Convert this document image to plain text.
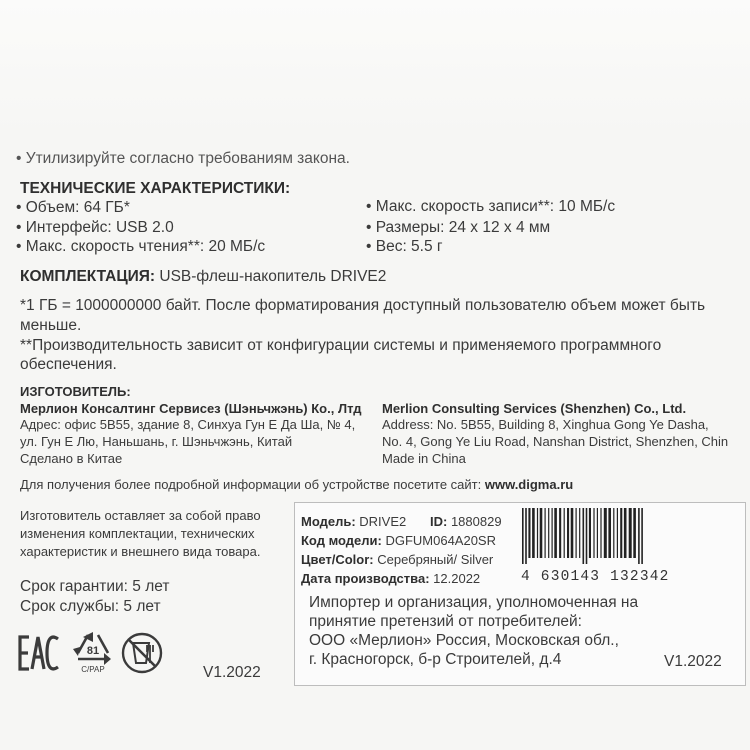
• Утилизируйте согласно требованиям закона.
ТЕХНИЧЕСКИЕ ХАРАКТЕРИСТИКИ:
• Объем: 64 ГБ*
• Интерфейс: USB 2.0
• Макс. скорость чтения**: 20 МБ/с
• Макс. скорость записи**: 10 МБ/с
• Размеры: 24 x 12 x 4 мм
• Вес: 5.5 г
КОМПЛЕКТАЦИЯ: USB-флеш-накопитель DRIVE2
*1 ГБ = 1000000000 байт. После форматирования доступный пользователю объем может быть
меньше.
**Производительность зависит от конфигурации системы и применяемого программного
обеспечения.
ИЗГОТОВИТЕЛЬ:
Мерлион Консалтинг Сервисез (Шэньчжэнь) Ко., Лтд
Адрес: офис 5B55, здание 8, Синхуа Гун Е Да Ша, № 4,
ул. Гун Е Лю, Наньшань, г. Шэньчжэнь, Китай
Сделано в Китае
Merlion Consulting Services (Shenzhen) Co., Ltd.
Address: No. 5B55, Building 8, Xinghua Gong Ye Dasha,
No. 4, Gong Ye Liu Road, Nanshan District, Shenzhen, Chin
Made in China
Для получения более подробной информации об устройстве посетите сайт: www.digma.ru
Изготовитель оставляет за собой право
изменения комплектации, технических
характеристик и внешнего вида товара.
Срок гарантии: 5 лет
Срок службы: 5 лет
81
C/PAP	V1.2022
Модель: DRIVE2 ID: 1880829
Код модели: DGFUM064A20SR
Цвет/Color: Серебряный/ Silver
Дата производства: 12.2022	4 630143 132342
Импортер и организация, уполномоченная на
принятие претензий от потребителей:
ООО «Мерлион» Россия, Московская обл.,
г. Красногорск, б-р Строителей, д.4	V1.2022
